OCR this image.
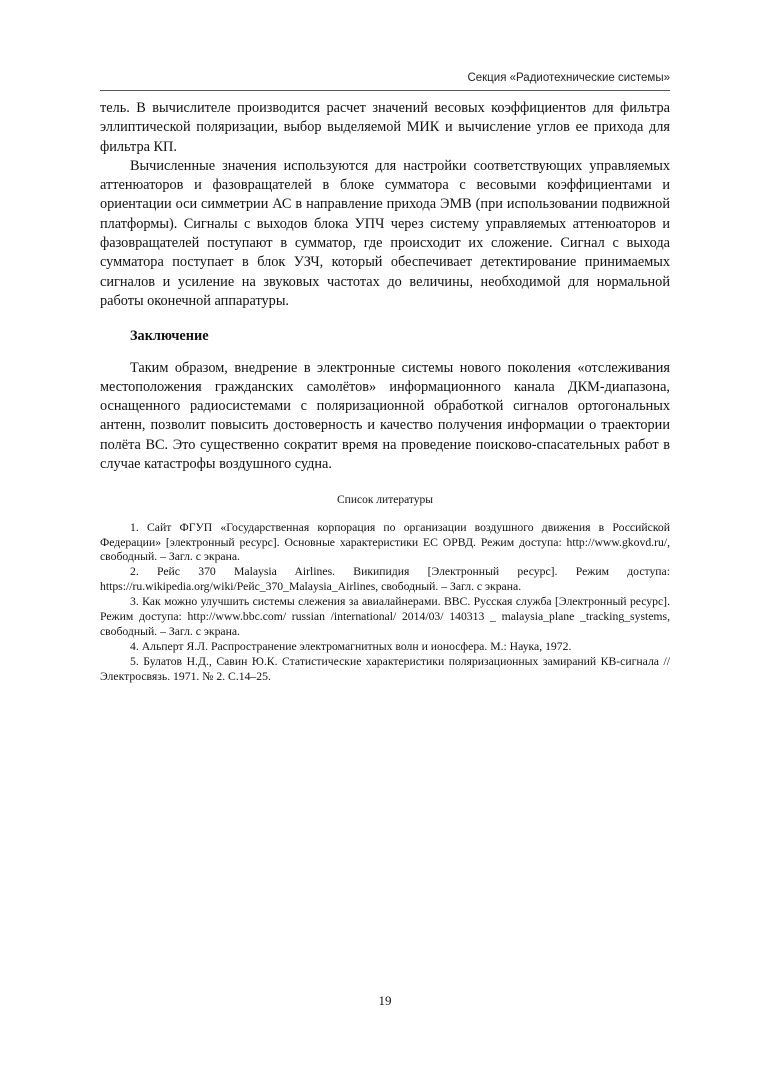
Секция «Радиотехнические системы»

тель. В вычислителе производится расчет значений весовых коэффициентов для фильтра эллиптической поляризации, выбор выделяемой МИК и вычисление углов ее прихода для фильтра КП.

Вычисленные значения используются для настройки соответствующих управляемых аттенюаторов и фазовращателей в блоке сумматора с весовыми коэффициентами и ориентации оси симметрии АС в направление прихода ЭМВ (при использовании подвижной платформы). Сигналы с выходов блока УПЧ через систему управляемых аттенюаторов и фазовращателей поступают в сумматор, где происходит их сложение. Сигнал с выхода сумматора поступает в блок УЗЧ, который обеспечивает детектирование принимаемых сигналов и усиление на звуковых частотах до величины, необходимой для нормальной работы оконечной аппаратуры.

Заключение

Таким образом, внедрение в электронные системы нового поколения «отслеживания местоположения гражданских самолётов» информационного канала ДКМ-диапазона, оснащенного радиосистемами с поляризационной обработкой сигналов ортогональных антенн, позволит повысить достоверность и качество получения информации о траектории полёта ВС. Это существенно сократит время на проведение поисково-спасательных работ в случае катастрофы воздушного судна.

Список литературы

1. Сайт ФГУП «Государственная корпорация по организации воздушного движения в Российской Федерации» [электронный ресурс]. Основные характеристики ЕС ОРВД. Режим доступа: http://www.gkovd.ru/, свободный. – Загл. с экрана.

2. Рейс 370 Malaysia Airlines. Википидия [Электронный ресурс]. Режим доступа: https://ru.wikipedia.org/wiki/Рейс_370_Malaysia_Airlines, свободный. – Загл. с экрана.

3. Как можно улучшить системы слежения за авиалайнерами. BBC. Русская служба [Электронный ресурс]. Режим доступа: http://www.bbc.com/ russian /international/ 2014/03/ 140313 _ malaysia_plane _tracking_systems, свободный. – Загл. с экрана.

4. Альперт Я.Л. Распространение электромагнитных волн и ионосфера. М.: Наука, 1972.

5. Булатов Н.Д., Савин Ю.К. Статистические характеристики поляризационных замираний КВ-сигнала // Электросвязь. 1971. № 2. С.14–25.

19
